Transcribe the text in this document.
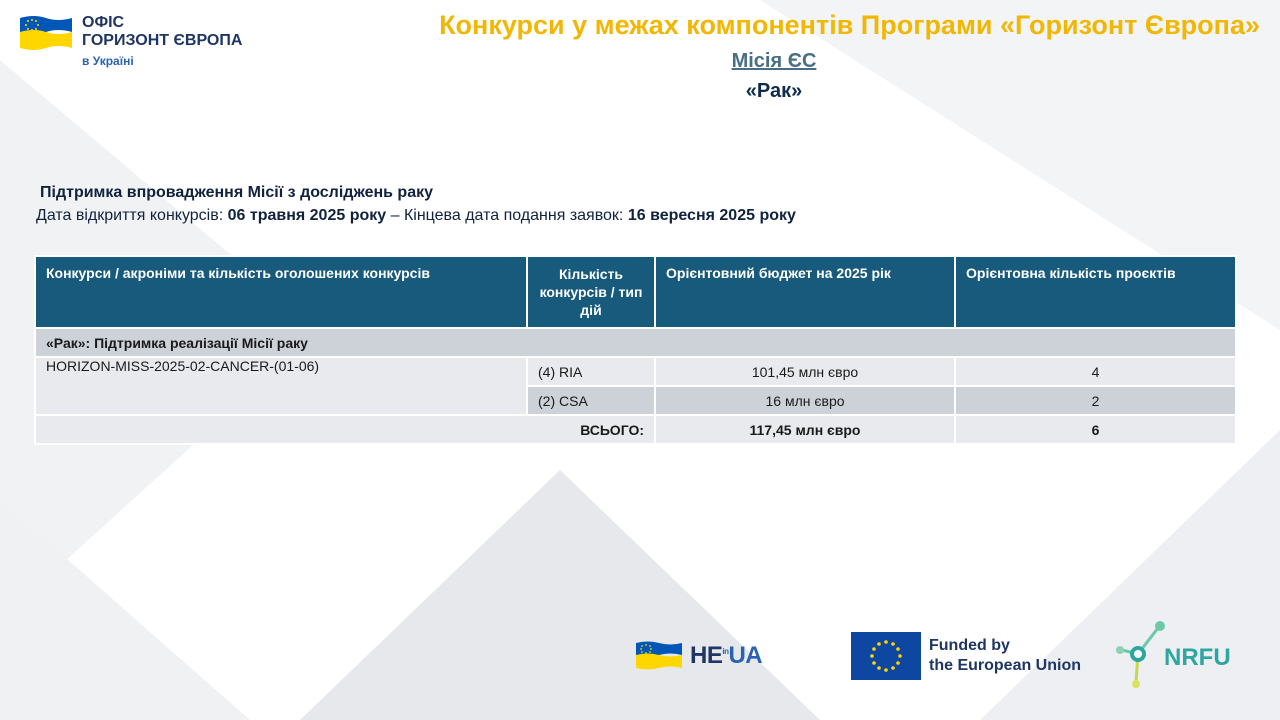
ОФІС
ГОРИЗОНТ ЄВРОПА
в Україні
Конкурси у межах компонентів Програми «Горизонт Європа»
Місія ЄС
«Рак»
Підтримка впровадження Місії з досліджень раку
Дата відкриття конкурсів: 06 травня 2025 року – Кінцева дата подання заявок: 16 вересня 2025 року
Конкурси / акроніми та кількість оголошених конкурсів	Кількість конкурсів / тип дій	Орієнтовний бюджет на 2025 рік	Орієнтовна кількість проєктів
«Рак»: Підтримка реалізації Місії раку			
HORIZON-MISS-2025-02-CANCER-(01-06)	(4) RIA	101,45 млн євро	4
	(2) CSA	16 млн євро	2
ВСЬОГО:		117,45 млн євро	6
$HE^{in}UA$	Funded by
the European Union	NRFU
